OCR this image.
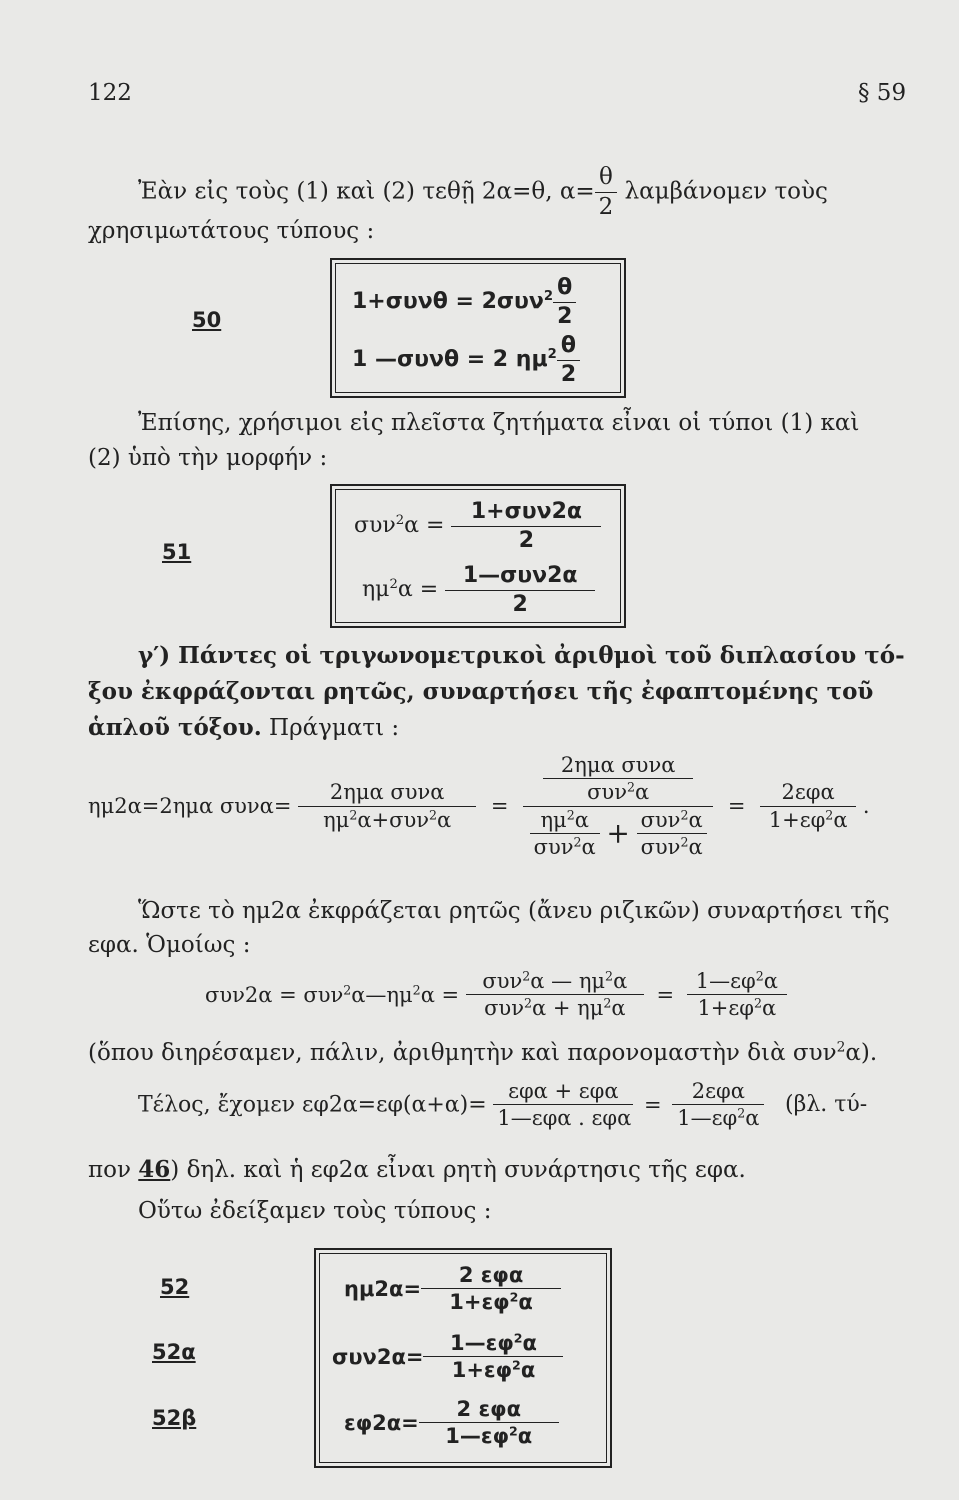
122	§ 59
Ἐὰν εἰς τοὺς (1) καὶ (2) τεθῇ 2α=θ, $\alpha= \frac{\theta}{2}$ λαμβάνομεν τοὺς
χρησιμωτάτους τύπους :
50
$1+\sigma\upsilon\nu\theta = 2\sigma\upsilon\nu^2 \frac{\theta}{2}$
1 —συνθ = 2 $\eta\mu^2 \frac{\theta}{2}$
Ἐπίσης, χρήσιμοι εἰς πλεῖστα ζητήματα εἶναι οἱ τύποι (1) καὶ
(2) ὑπὸ τὴν μορφήν :
51
$\sigma\upsilon\nu^2\alpha = \frac{\text{1+συν2α}}{2}$
$\eta\mu^2\alpha = \frac{\text{1—συν2α}}{2}$
γ′) Πάντες οἱ τριγωνομετρικοὶ ἀριθμοὶ τοῦ διπλασίου τό-
ξου ἐκφράζονται ρητῶς, συναρτήσει τῆς ἐφαπτομένης τοῦ
ἁπλοῦ τόξου. Πράγματι :
ημ2α=2ημα $\sigma\upsilon\nu\alpha= \frac{\text{2ημα συνα}}{\eta\mu^2\alpha+\sigma\upsilon\nu^2\alpha} = \frac{\frac{\text{2ημα συνα}}{\sigma\upsilon\nu^2\alpha}}{\frac{\eta\mu^2\alpha}{\sigma\upsilon\nu^2\alpha} + \frac{\sigma\upsilon\nu^2\alpha}{\sigma\upsilon\nu^2\alpha}} = \frac{\text{2εφα}}{1+\varepsilon\varphi^2\alpha}$ .
Ὥστε τὸ ημ2α ἐκφράζεται ρητῶς (ἄνευ ριζικῶν) συναρτήσει τῆς
εφα. Ὁμοίως :
$\sigma\upsilon\nu 2\alpha = \sigma\upsilon\nu^2\alpha—\eta\mu^2\alpha = \frac{\sigma\upsilon\nu^2\alpha — \eta\mu^2\alpha}{\sigma\upsilon\nu^2\alpha + \eta\mu^2\alpha} = \frac{1—\varepsilon\varphi^2\alpha}{1+\varepsilon\varphi^2\alpha}$
(ὅπου διηρέσαμεν, πάλιν, ἀριθμητὴν καὶ παρονομαστὴν διὰ συν$^2$α).
Τέλος, ἔχομεν $\varepsilon\varphi 2\alpha=\varepsilon\varphi(\alpha+\alpha)= \frac{\text{εφα + εφα}}{\text{1—εφα . εφα}} = \frac{\text{2εφα}}{1—\varepsilon\varphi^2\alpha} (\beta\lambda$. τύ-
πον 46) δηλ. καὶ ἡ εφ2α εἶναι ρητὴ συνάρτησις τῆς εφα.
Οὕτω ἐδείξαμεν τοὺς τύπους :
52
52α
52β
$\eta\mu 2\alpha= \frac{\text{2 εφα}}{1+\varepsilon\varphi^2\alpha}$
$\sigma\upsilon\nu 2\alpha= \frac{1—\varepsilon\varphi^2\alpha}{1+\varepsilon\varphi^2\alpha}$
$\varepsilon\varphi 2\alpha= \frac{\text{2 εφα}}{1—\varepsilon\varphi^2\alpha}$
